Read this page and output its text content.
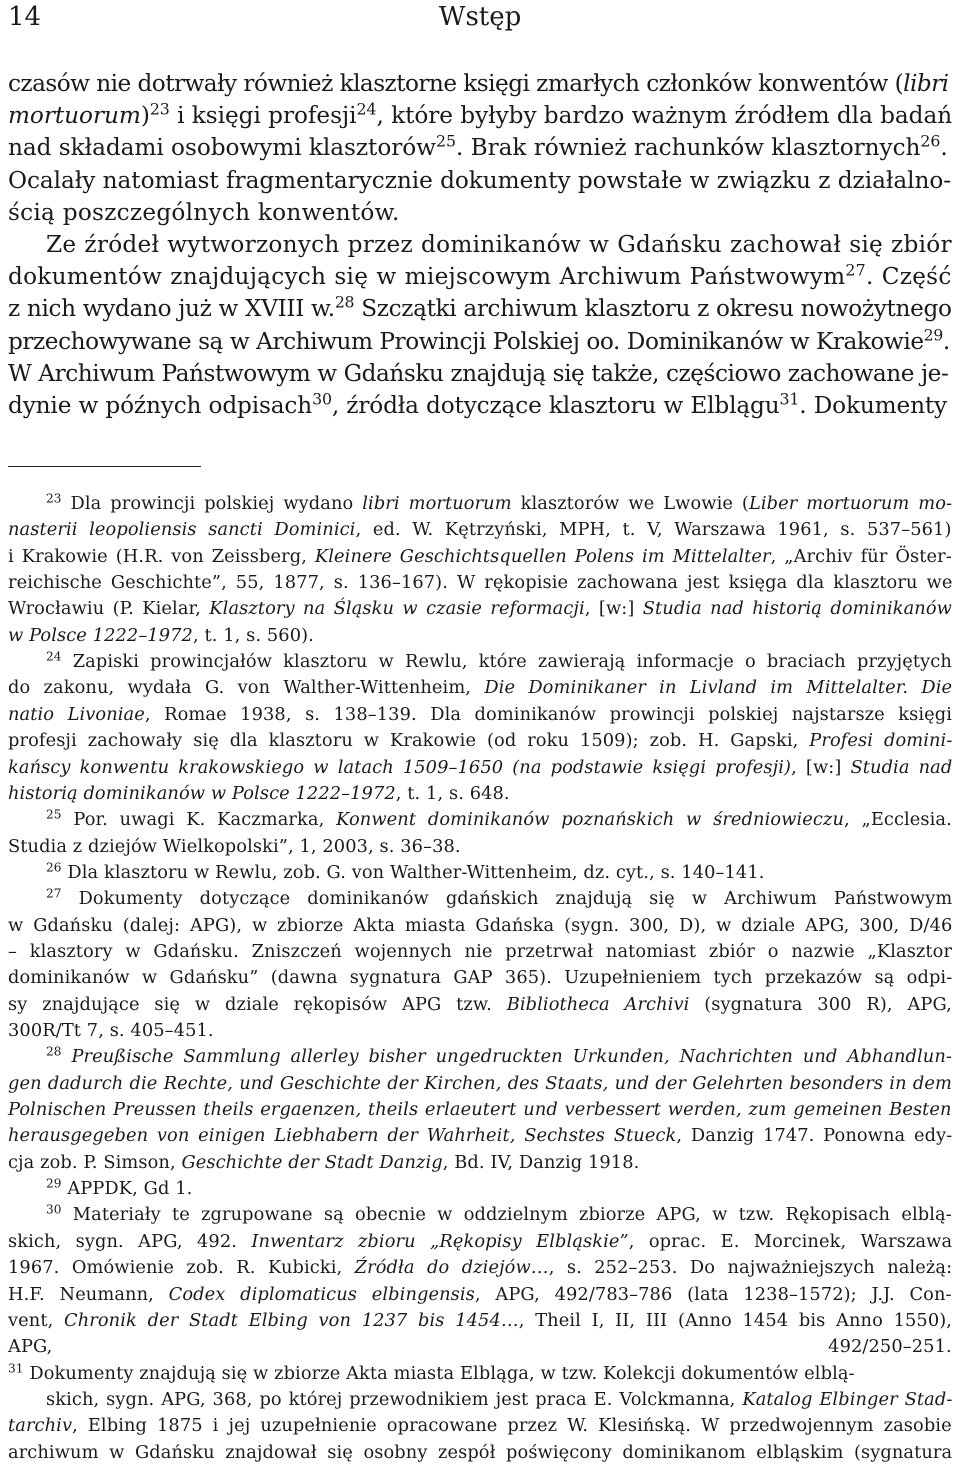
14	Wstęp
czasów nie dotrwały również klasztorne księgi zmarłych członków konwentów (libri
mortuorum)$^{23}$ i księgi profesji$^{24}$, które byłyby bardzo ważnym źródłem dla badań
nad składami osobowymi klasztorów$^{25}$. Brak również rachunków klasztornych$^{26}$.
Ocalały natomiast fragmentarycznie dokumenty powstałe w związku z działalno-
ścią poszczególnych konwentów.
Ze źródeł wytworzonych przez dominikanów w Gdańsku zachował się zbiór
dokumentów znajdujących się w miejscowym Archiwum Państwowym$^{27}$. Część
z nich wydano już w XVIII w.$^{28}$ Szczątki archiwum klasztoru z okresu nowożytnego
przechowywane są w Archiwum Prowincji Polskiej oo. Dominikanów w Krakowie$^{29}$.
W Archiwum Państwowym w Gdańsku znajdują się także, częściowo zachowane je-
dynie w późnych odpisach$^{30}$, źródła dotyczące klasztoru w Elblągu$^{31}$. Dokumenty
$^{23}$ Dla prowincji polskiej wydano libri mortuorum klasztorów we Lwowie (Liber mortuorum mo-
nasterii leopoliensis sancti Dominici, ed. W. Kętrzyński, MPH, t. V, Warszawa 1961, s. 537–561)
i Krakowie (H.R. von Zeissberg, Kleinere Geschichtsquellen Polens im Mittelalter, „Archiv für Öster-
reichische Geschichte”, 55, 1877, s. 136–167). W rękopisie zachowana jest księga dla klasztoru we
Wrocławiu (P. Kielar, Klasztory na Śląsku w czasie reformacji, [w:] Studia nad historią dominikanów
w Polsce 1222–1972, t. 1, s. 560).
$^{24}$ Zapiski prowincjałów klasztoru w Rewlu, które zawierają informacje o braciach przyjętych
do zakonu, wydała G. von Walther-Wittenheim, Die Dominikaner in Livland im Mittelalter. Die
natio Livoniae, Romae 1938, s. 138–139. Dla dominikanów prowincji polskiej najstarsze księgi
profesji zachowały się dla klasztoru w Krakowie (od roku 1509); zob. H. Gapski, Profesi domini-
kańscy konwentu krakowskiego w latach 1509–1650 (na podstawie księgi profesji), [w:] Studia nad
historią dominikanów w Polsce 1222–1972, t. 1, s. 648.
$^{25}$ Por. uwagi K. Kaczmarka, Konwent dominikanów poznańskich w średniowieczu, „Ecclesia.
Studia z dziejów Wielkopolski”, 1, 2003, s. 36–38.
$^{26}$ Dla klasztoru w Rewlu, zob. G. von Walther-Wittenheim, dz. cyt., s. 140–141.
$^{27}$ Dokumenty dotyczące dominikanów gdańskich znajdują się w Archiwum Państwowym
w Gdańsku (dalej: APG), w zbiorze Akta miasta Gdańska (sygn. 300, D), w dziale APG, 300, D/46
– klasztory w Gdańsku. Zniszczeń wojennych nie przetrwał natomiast zbiór o nazwie „Klasztor
dominikanów w Gdańsku” (dawna sygnatura GAP 365). Uzupełnieniem tych przekazów są odpi-
sy znajdujące się w dziale rękopisów APG tzw. Bibliotheca Archivi (sygnatura 300 R), APG,
300R/Tt 7, s. 405–451.
$^{28}$ Preußische Sammlung allerley bisher ungedruckten Urkunden, Nachrichten und Abhandlun-
gen dadurch die Rechte, und Geschichte der Kirchen, des Staats, und der Gelehrten besonders in dem
Polnischen Preussen theils ergaenzen, theils erlaeutert und verbessert werden, zum gemeinen Besten
herausgegeben von einigen Liebhabern der Wahrheit, Sechstes Stueck, Danzig 1747. Ponowna edy-
cja zob. P. Simson, Geschichte der Stadt Danzig, Bd. IV, Danzig 1918.
$^{29}$ APPDK, Gd 1.
$^{30}$ Materiały te zgrupowane są obecnie w oddzielnym zbiorze APG, w tzw. Rękopisach elblą-
skich, sygn. APG, 492. Inwentarz zbioru „Rękopisy Elbląskie”, oprac. E. Morcinek, Warszawa
1967. Omówienie zob. R. Kubicki, Źródła do dziejów…, s. 252–253. Do najważniejszych należą:
H.F. Neumann, Codex diplomaticus elbingensis, APG, 492/783–786 (lata 1238–1572); J.J. Con-
vent, Chronik der Stadt Elbing von 1237 bis 1454…, Theil I, II, III (Anno 1454 bis Anno 1550),
APG, 492/250–251.
$^{31}$ Dokumenty znajdują się w zbiorze Akta miasta Elbląga, w tzw. Kolekcji dokumentów elblą-
skich, sygn. APG, 368, po której przewodnikiem jest praca E. Volckmanna, Katalog Elbinger Stad-
tarchiv, Elbing 1875 i jej uzupełnienie opracowane przez W. Klesińską. W przedwojennym zasobie
archiwum w Gdańsku znajdował się osobny zespół poświęcony dominikanom elbląskim (sygnatura
